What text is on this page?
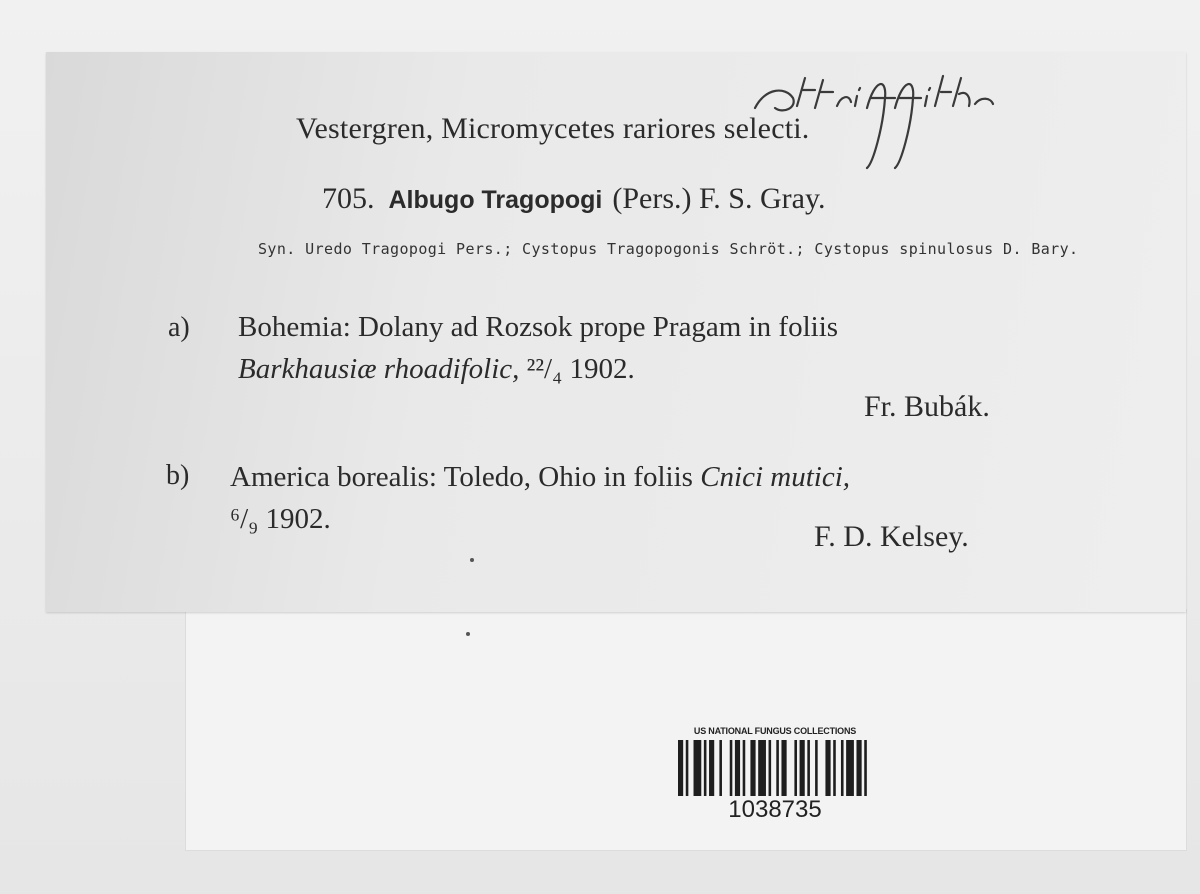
Vestergren, Micromycetes rariores selecti.
705. Albugo Tragopogi (Pers.) F. S. Gray.
Syn. Uredo Tragopogi Pers.; Cystopus Tragopogonis Schröt.; Cystopus spinulosus D. Bary.
a) Bohemia: Dolany ad Rozsok prope Pragam in foliis
Barkhausiæ rhoadifolic, ²²/₄ 1902.
Fr. Bubák.
b) America borealis: Toledo, Ohio in foliis Cnici mutici,
⁶/₉ 1902.
F. D. Kelsey.
US NATIONAL FUNGUS COLLECTIONS
1038735
